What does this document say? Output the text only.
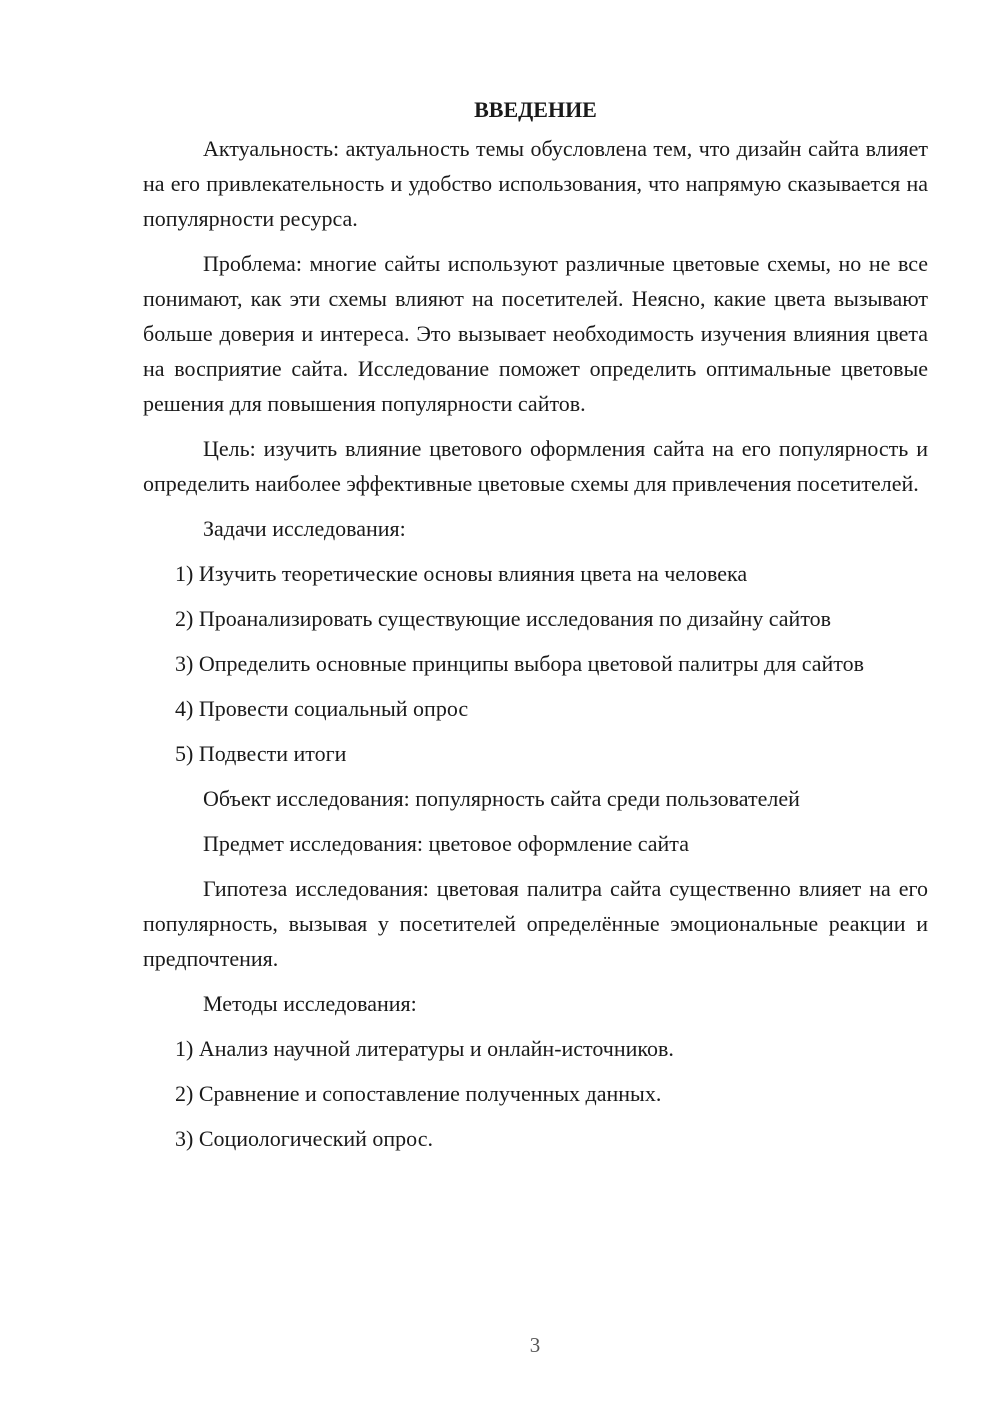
ВВЕДЕНИЕ

Актуальность: актуальность темы обусловлена тем, что дизайн сайта влияет на его привлекательность и удобство использования, что напрямую сказывается на популярности ресурса.

Проблема: многие сайты используют различные цветовые схемы, но не все понимают, как эти схемы влияют на посетителей. Неясно, какие цвета вызывают больше доверия и интереса. Это вызывает необходимость изучения влияния цвета на восприятие сайта. Исследование поможет определить оптимальные цветовые решения для повышения популярности сайтов.

Цель: изучить влияние цветового оформления сайта на его популярность и определить наиболее эффективные цветовые схемы для привлечения посетителей.

Задачи исследования:

1) Изучить теоретические основы влияния цвета на человека

2) Проанализировать существующие исследования по дизайну сайтов

3) Определить основные принципы выбора цветовой палитры для сайтов

4) Провести социальный опрос

5) Подвести итоги

Объект исследования: популярность сайта среди пользователей

Предмет исследования: цветовое оформление сайта

Гипотеза исследования: цветовая палитра сайта существенно влияет на его популярность, вызывая у посетителей определённые эмоциональные реакции и предпочтения.

Методы исследования:

1) Анализ научной литературы и онлайн-источников.

2) Сравнение и сопоставление полученных данных.

3) Социологический опрос.

3
